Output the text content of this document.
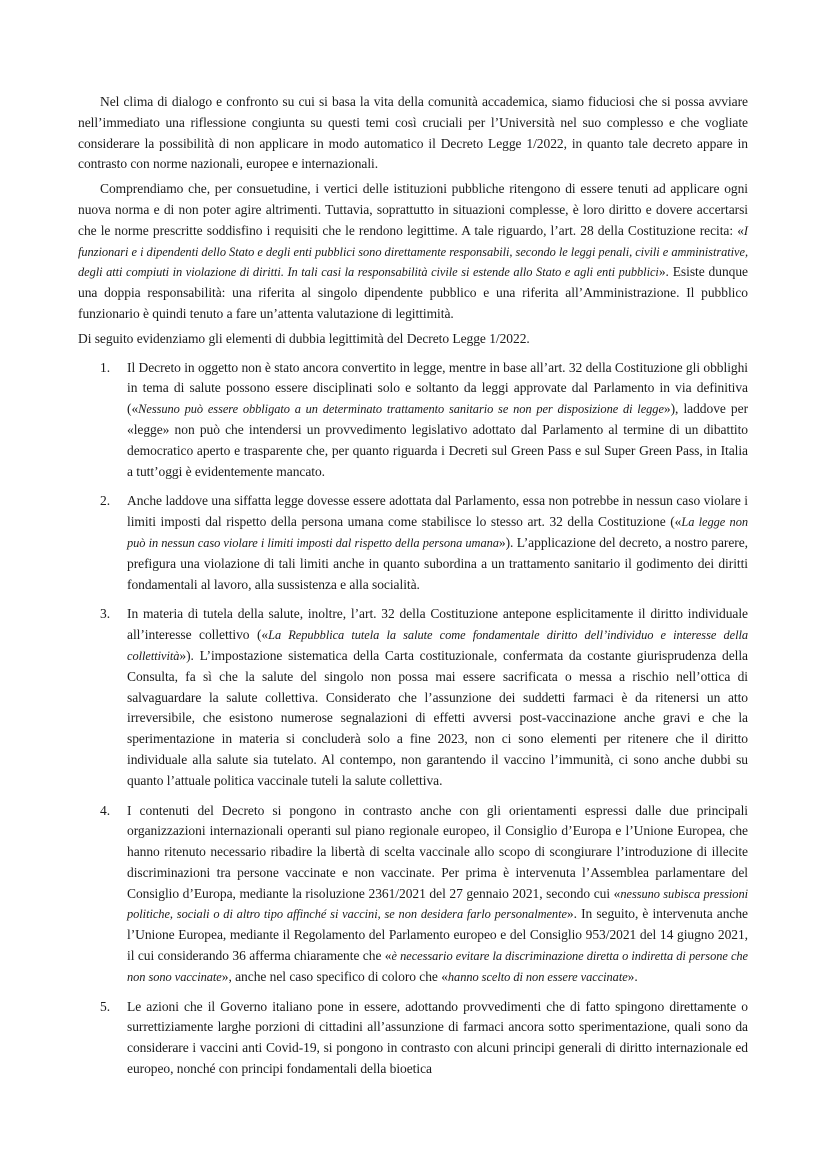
Nel clima di dialogo e confronto su cui si basa la vita della comunità accademica, siamo fiduciosi che si possa avviare nell’immediato una riflessione congiunta su questi temi così cruciali per l’Università nel suo complesso e che vogliate considerare la possibilità di non applicare in modo automatico il Decreto Legge 1/2022, in quanto tale decreto appare in contrasto con norme nazionali, europee e internazionali.

Comprendiamo che, per consuetudine, i vertici delle istituzioni pubbliche ritengono di essere tenuti ad applicare ogni nuova norma e di non poter agire altrimenti. Tuttavia, soprattutto in situazioni complesse, è loro diritto e dovere accertarsi che le norme prescritte soddisfino i requisiti che le rendono legittime. A tale riguardo, l’art. 28 della Costituzione recita: «I funzionari e i dipendenti dello Stato e degli enti pubblici sono direttamente responsabili, secondo le leggi penali, civili e amministrative, degli atti compiuti in violazione di diritti. In tali casi la responsabilità civile si estende allo Stato e agli enti pubblici». Esiste dunque una doppia responsabilità: una riferita al singolo dipendente pubblico e una riferita all’Amministrazione. Il pubblico funzionario è quindi tenuto a fare un’attenta valutazione di legittimità.

Di seguito evidenziamo gli elementi di dubbia legittimità del Decreto Legge 1/2022.

1. Il Decreto in oggetto non è stato ancora convertito in legge, mentre in base all’art. 32 della Costituzione gli obblighi in tema di salute possono essere disciplinati solo e soltanto da leggi approvate dal Parlamento in via definitiva («Nessuno può essere obbligato a un determinato trattamento sanitario se non per disposizione di legge»), laddove per «legge» non può che intendersi un provvedimento legislativo adottato dal Parlamento al termine di un dibattito democratico aperto e trasparente che, per quanto riguarda i Decreti sul Green Pass e sul Super Green Pass, in Italia a tutt’oggi è evidentemente mancato.

2. Anche laddove una siffatta legge dovesse essere adottata dal Parlamento, essa non potrebbe in nessun caso violare i limiti imposti dal rispetto della persona umana come stabilisce lo stesso art. 32 della Costituzione («La legge non può in nessun caso violare i limiti imposti dal rispetto della persona umana»). L’applicazione del decreto, a nostro parere, prefigura una violazione di tali limiti anche in quanto subordina a un trattamento sanitario il godimento dei diritti fondamentali al lavoro, alla sussistenza e alla socialità.

3. In materia di tutela della salute, inoltre, l’art. 32 della Costituzione antepone esplicitamente il diritto individuale all’interesse collettivo («La Repubblica tutela la salute come fondamentale diritto dell’individuo e interesse della collettività»). L’impostazione sistematica della Carta costituzionale, confermata da costante giurisprudenza della Consulta, fa sì che la salute del singolo non possa mai essere sacrificata o messa a rischio nell’ottica di salvaguardare la salute collettiva. Considerato che l’assunzione dei suddetti farmaci è da ritenersi un atto irreversibile, che esistono numerose segnalazioni di effetti avversi post-vaccinazione anche gravi e che la sperimentazione in materia si concluderà solo a fine 2023, non ci sono elementi per ritenere che il diritto individuale alla salute sia tutelato. Al contempo, non garantendo il vaccino l’immunità, ci sono anche dubbi su quanto l’attuale politica vaccinale tuteli la salute collettiva.

4. I contenuti del Decreto si pongono in contrasto anche con gli orientamenti espressi dalle due principali organizzazioni internazionali operanti sul piano regionale europeo, il Consiglio d’Europa e l’Unione Europea, che hanno ritenuto necessario ribadire la libertà di scelta vaccinale allo scopo di scongiurare l’introduzione di illecite discriminazioni tra persone vaccinate e non vaccinate. Per prima è intervenuta l’Assemblea parlamentare del Consiglio d’Europa, mediante la risoluzione 2361/2021 del 27 gennaio 2021, secondo cui «nessuno subisca pressioni politiche, sociali o di altro tipo affinché si vaccini, se non desidera farlo personalmente». In seguito, è intervenuta anche l’Unione Europea, mediante il Regolamento del Parlamento europeo e del Consiglio 953/2021 del 14 giugno 2021, il cui considerando 36 afferma chiaramente che «è necessario evitare la discriminazione diretta o indiretta di persone che non sono vaccinate», anche nel caso specifico di coloro che «hanno scelto di non essere vaccinate».

5. Le azioni che il Governo italiano pone in essere, adottando provvedimenti che di fatto spingono direttamente o surrettiziamente larghe porzioni di cittadini all’assunzione di farmaci ancora sotto sperimentazione, quali sono da considerare i vaccini anti Covid-19, si pongono in contrasto con alcuni principi generali di diritto internazionale ed europeo, nonché con principi fondamentali della bioetica
